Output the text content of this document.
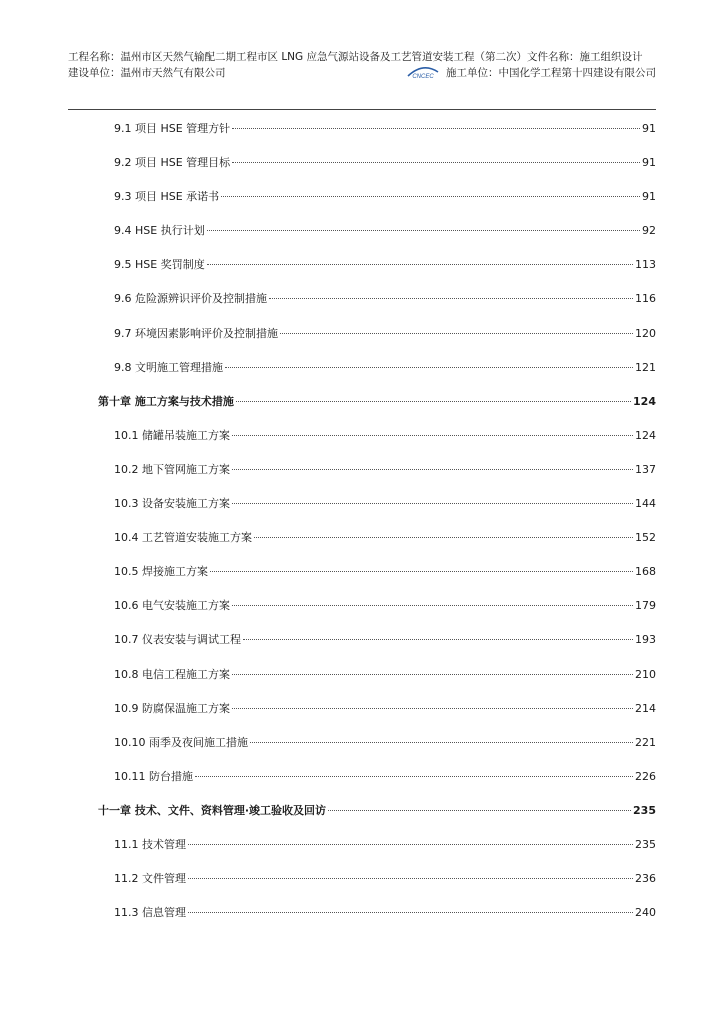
工程名称：温州市区天然气输配二期工程市区 LNG 应急气源站设备及工艺管道安装工程（第二次）文件名称：施工组织设计
建设单位：温州市天然气有限公司	CNCEC 施工单位：中国化学工程第十四建设有限公司
9.1 项目 HSE 管理方针	91
9.2 项目 HSE 管理目标	91
9.3 项目 HSE 承诺书	91
9.4 HSE 执行计划	92
9.5 HSE 奖罚制度	113
9.6 危险源辨识评价及控制措施	116
9.7 环境因素影响评价及控制措施	120
9.8 文明施工管理措施	121
第十章 施工方案与技术措施	124
10.1 储罐吊装施工方案	124
10.2 地下管网施工方案	137
10.3 设备安装施工方案	144
10.4 工艺管道安装施工方案	152
10.5 焊接施工方案	168
10.6 电气安装施工方案	179
10.7 仪表安装与调试工程	193
10.8 电信工程施工方案	210
10.9 防腐保温施工方案	214
10.10 雨季及夜间施工措施	221
10.11 防台措施	226
十一章 技术、文件、资料管理·竣工验收及回访	235
11.1 技术管理	235
11.2 文件管理	236
11.3 信息管理	240
